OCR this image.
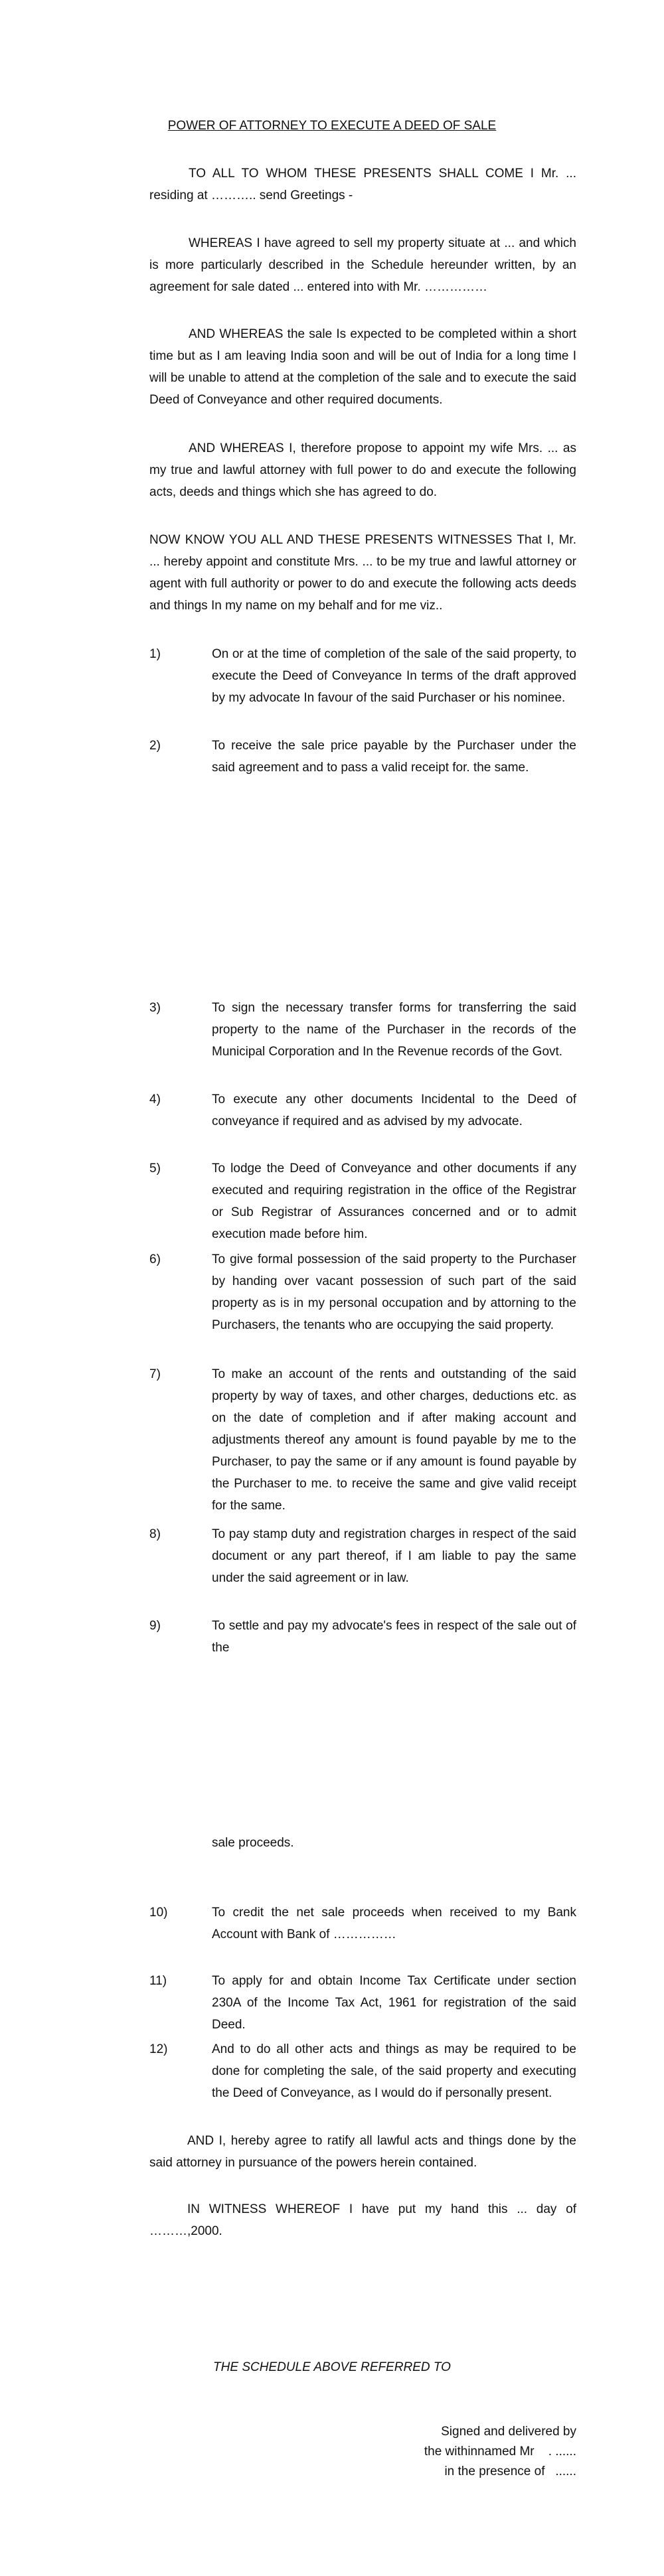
POWER OF ATTORNEY TO EXECUTE A DEED OF SALE

TO ALL TO WHOM THESE PRESENTS SHALL COME I Mr. ... residing at ……….. send Greetings -

WHEREAS I have agreed to sell my property situate at ... and which is more particularly described in the Schedule hereunder written, by an agreement for sale dated ... entered into with Mr. ……………

AND WHEREAS the sale Is expected to be completed within a short time but as I am leaving India soon and will be out of India for a long time I will be unable to attend at the completion of the sale and to execute the said Deed of Conveyance and other required documents.

AND WHEREAS I, therefore propose to appoint my wife Mrs. ... as my true and lawful attorney with full power to do and execute the following acts, deeds and things which she has agreed to do.

NOW KNOW YOU ALL AND THESE PRESENTS WITNESSES That I, Mr. ... hereby appoint and constitute Mrs. ... to be my true and lawful attorney or agent with full authority or power to do and execute the following acts deeds and things In my name on my behalf and for me viz..

1)	On or at the time of completion of the sale of the said property, to execute the Deed of Conveyance In terms of the draft approved by my advocate In favour of the said Purchaser or his nominee.

2)	To receive the sale price payable by the Purchaser under the said agreement and to pass a valid receipt for. the same.

3)	To sign the necessary transfer forms for transferring the said property to the name of the Purchaser in the records of the Municipal Corporation and In the Revenue records of the Govt.

4)	To execute any other documents Incidental to the Deed of conveyance if required and as advised by my advocate.

5)	To lodge the Deed of Conveyance and other documents if any executed and requiring registration in the office of the Registrar or Sub Registrar of Assurances concerned and or to admit execution made before him.

6)	To give formal possession of the said property to the Purchaser by handing over vacant possession of such part of the said property as is in my personal occupation and by attorning to the Purchasers, the tenants who are occupying the said property.

7)	To make an account of the rents and outstanding of the said property by way of taxes, and other charges, deductions etc. as on the date of completion and if after making account and adjustments thereof any amount is found payable by me to the Purchaser, to pay the same or if any amount is found payable by the Purchaser to me. to receive the same and give valid receipt for the same.

8)	To pay stamp duty and registration charges in respect of the said document or any part thereof, if I am liable to pay the same under the said agreement or in law.

9)	To settle and pay my advocate's fees in respect of the sale out of the

sale proceeds.

10)	To credit the net sale proceeds when received to my Bank Account with Bank of ……………

11)	To apply for and obtain Income Tax Certificate under section 230A of the Income Tax Act, 1961 for registration of the said Deed.

12)	And to do all other acts and things as may be required to be done for completing the sale, of the said property and executing the Deed of Conveyance, as I would do if personally present.

AND I, hereby agree to ratify all lawful acts and things done by the said attorney in pursuance of the powers herein contained.

IN WITNESS WHEREOF I have put my hand this ... day of ………,2000.

THE SCHEDULE ABOVE REFERRED TO

Signed and delivered by

the withinnamed Mr    . ......

in the presence of   ......
